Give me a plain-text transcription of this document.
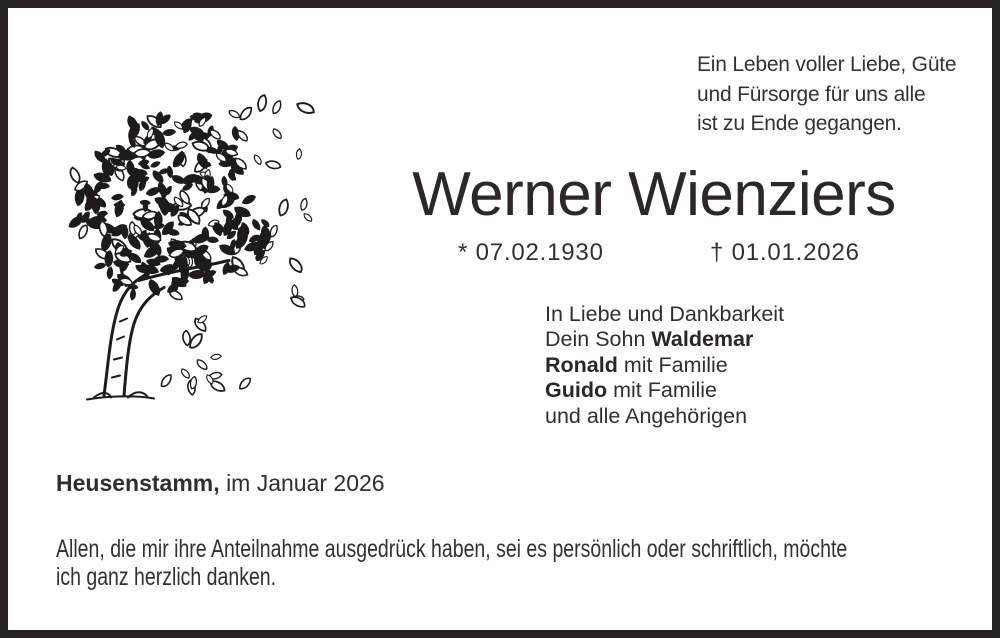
Ein Leben voller Liebe, Güte
und Fürsorge für uns alle
ist zu Ende gegangen.
Werner Wienziers
* 07.02.1930	† 01.01.2026
In Liebe und Dankbarkeit
Dein Sohn Waldemar
Ronald mit Familie
Guido mit Familie
und alle Angehörigen
Heusenstamm, im Januar 2026
Allen, die mir ihre Anteilnahme ausgedrück haben, sei es persönlich oder schriftlich, möchte
ich ganz herzlich danken.
